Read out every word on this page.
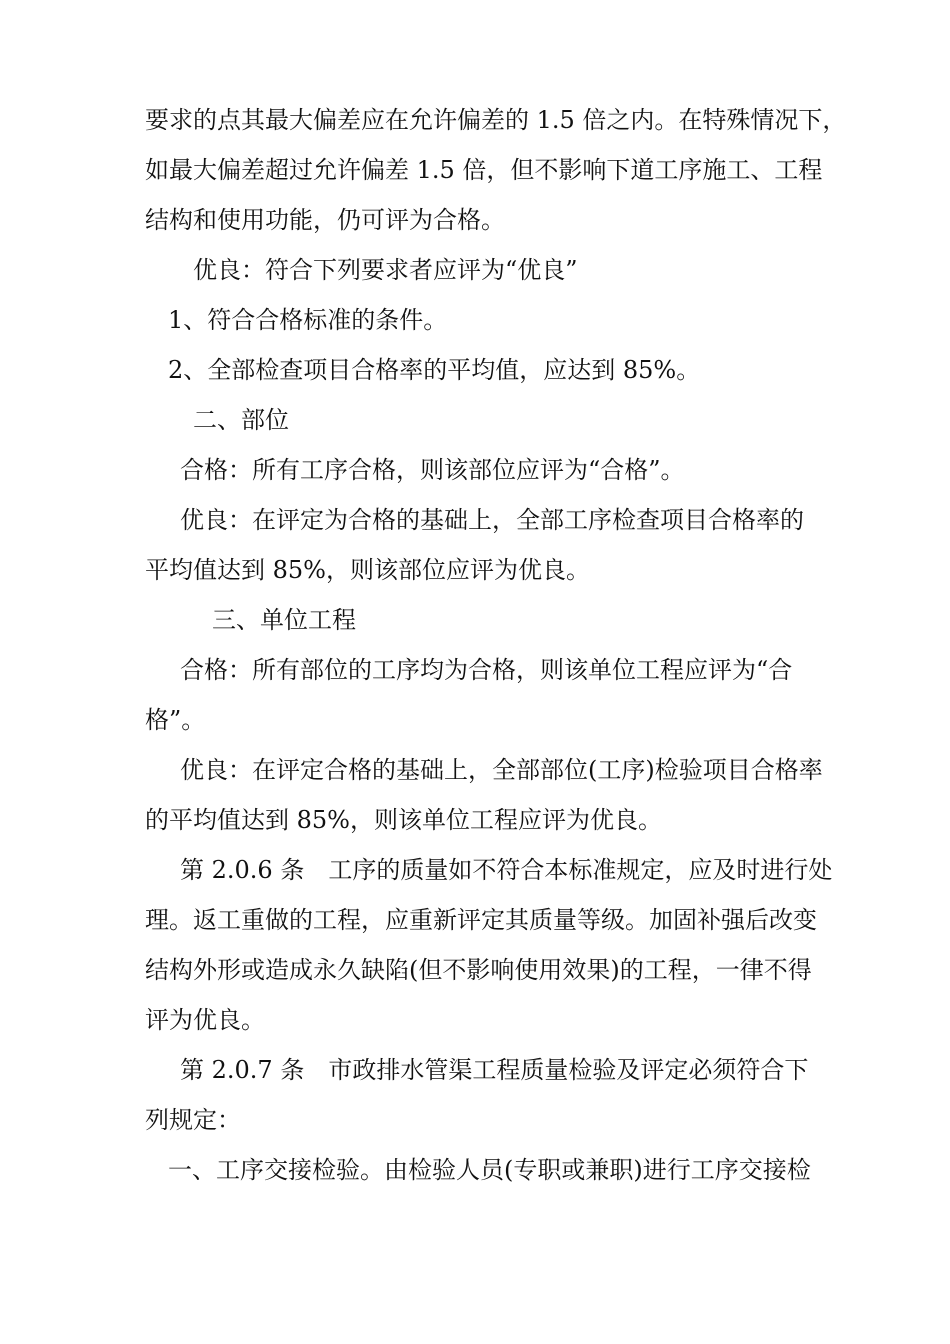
要求的点其最大偏差应在允许偏差的 1.5 倍之内。在特殊情况下，
如最大偏差超过允许偏差 1.5 倍，但不影响下道工序施工、工程
结构和使用功能，仍可评为合格。
优良：符合下列要求者应评为“优良”
1、符合合格标准的条件。
2、全部检查项目合格率的平均值，应达到 85%。
二、部位
合格：所有工序合格，则该部位应评为“合格”。
优良：在评定为合格的基础上，全部工序检查项目合格率的
平均值达到 85%，则该部位应评为优良。
三、单位工程
合格：所有部位的工序均为合格，则该单位工程应评为“合
格”。
优良：在评定合格的基础上，全部部位(工序)检验项目合格率
的平均值达到 85%，则该单位工程应评为优良。
第 2.0.6 条　工序的质量如不符合本标准规定，应及时进行处
理。返工重做的工程，应重新评定其质量等级。加固补强后改变
结构外形或造成永久缺陷(但不影响使用效果)的工程，一律不得
评为优良。
第 2.0.7 条　市政排水管渠工程质量检验及评定必须符合下
列规定：
一、工序交接检验。由检验人员(专职或兼职)进行工序交接检
